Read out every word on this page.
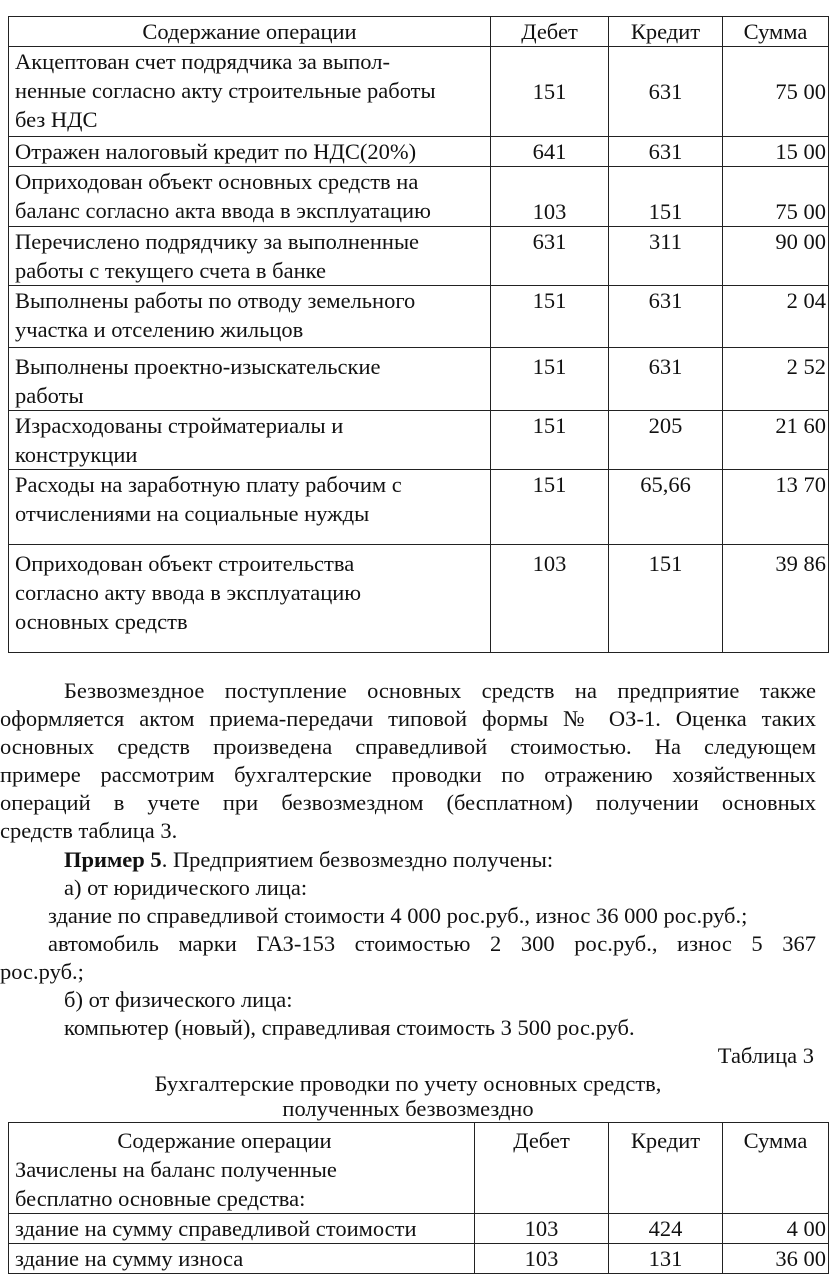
Содержание операции	Дебет	Кредит	Сумма

Акцептован счет подрядчика за выпол-
ненные согласно акту строительные работы
без НДС	151	631	75 00

Отражен налоговый кредит по НДС(20%)	641	631	15 00

Оприходован объект основных средств на
баланс согласно акта ввода в эксплуатацию	103	151	75 00

Перечислено подрядчику за выполненные
работы с текущего счета в банке	631	311	90 00

Выполнены работы по отводу земельного
участка и отселению жильцов	151	631	2 04

Выполнены проектно-изыскательские
работы	151	631	2 52

Израсходованы стройматериалы и
конструкции	151	205	21 60

Расходы на заработную плату рабочим с
отчислениями на социальные нужды	151	65,66	13 70

Оприходован объект строительства
согласно акту ввода в эксплуатацию
основных средств	103	151	39 86
Безвозмездное поступление основных средств на предприятие также
оформляется актом приема-передачи типовой формы № ОЗ-1. Оценка таких
основных средств произведена справедливой стоимостью. На следующем
примере рассмотрим бухгалтерские проводки по отражению хозяйственных
операций в учете при безвозмездном (бесплатном) получении основных
средств таблица 3.
Пример 5. Предприятием безвозмездно получены:
а) от юридического лица:
здание по справедливой стоимости 4 000 рос.руб., износ 36 000 рос.руб.;
автомобиль марки ГАЗ-153 стоимостью 2 300 рос.руб., износ 5 367
рос.руб.;
б) от физического лица:
компьютер (новый), справедливая стоимость 3 500 рос.руб.
Таблица 3
Бухгалтерские проводки по учету основных средств,
полученных безвозмездно
Содержание операции
Зачислены на баланс полученные
бесплатно основные средства:	Дебет	Кредит	Сумма
здание на сумму справедливой стоимости	103	424	4 00
здание на сумму износа	103	131	36 00
